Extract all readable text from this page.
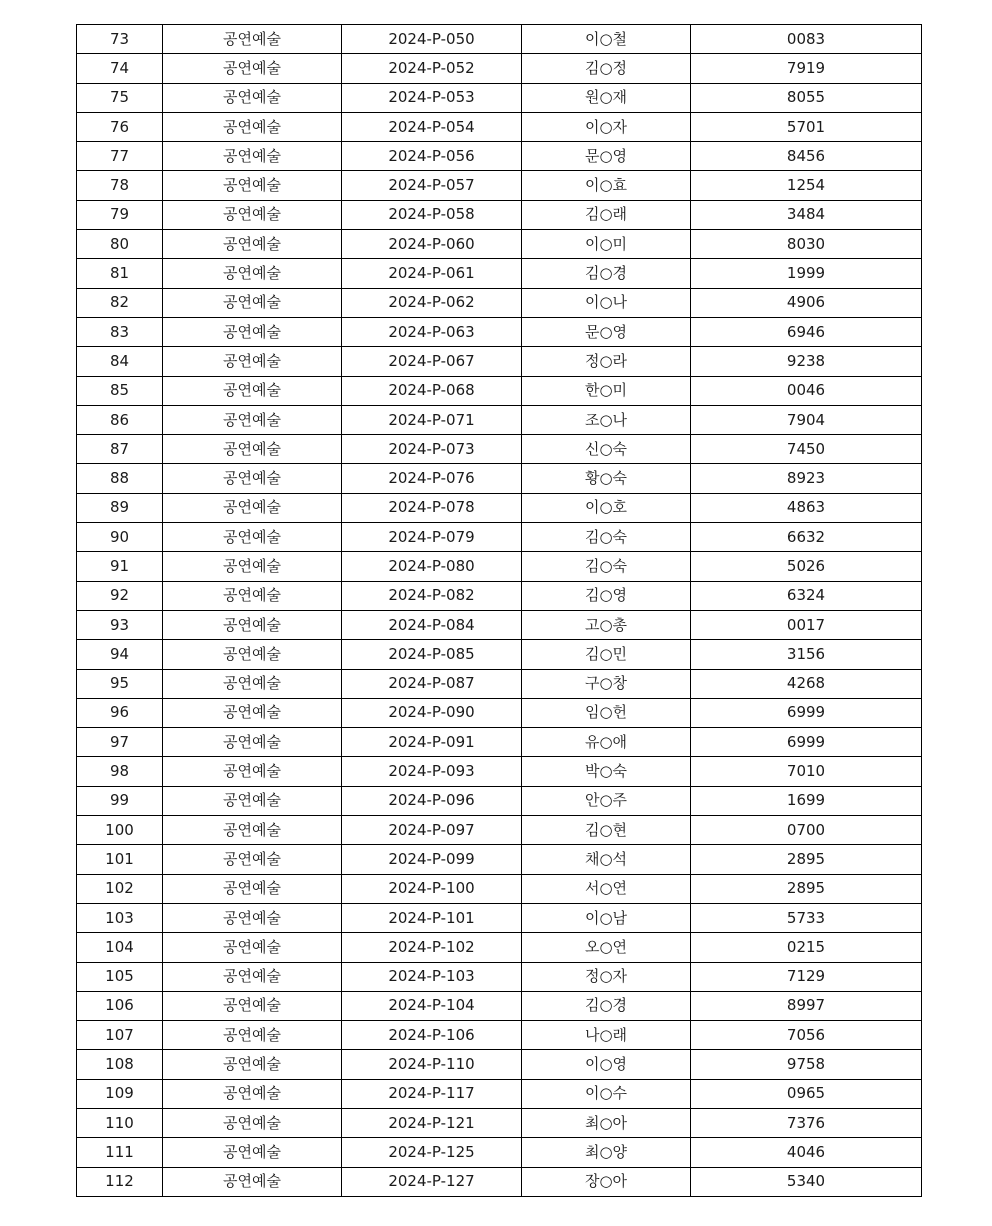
73	공연예술	2024-P-050	이○철	0083
74	공연예술	2024-P-052	김○정	7919
75	공연예술	2024-P-053	원○재	8055
76	공연예술	2024-P-054	이○자	5701
77	공연예술	2024-P-056	문○영	8456
78	공연예술	2024-P-057	이○효	1254
79	공연예술	2024-P-058	김○래	3484
80	공연예술	2024-P-060	이○미	8030
81	공연예술	2024-P-061	김○경	1999
82	공연예술	2024-P-062	이○나	4906
83	공연예술	2024-P-063	문○영	6946
84	공연예술	2024-P-067	정○라	9238
85	공연예술	2024-P-068	한○미	0046
86	공연예술	2024-P-071	조○나	7904
87	공연예술	2024-P-073	신○숙	7450
88	공연예술	2024-P-076	황○숙	8923
89	공연예술	2024-P-078	이○호	4863
90	공연예술	2024-P-079	김○숙	6632
91	공연예술	2024-P-080	김○숙	5026
92	공연예술	2024-P-082	김○영	6324
93	공연예술	2024-P-084	고○총	0017
94	공연예술	2024-P-085	김○민	3156
95	공연예술	2024-P-087	구○창	4268
96	공연예술	2024-P-090	임○헌	6999
97	공연예술	2024-P-091	유○애	6999
98	공연예술	2024-P-093	박○숙	7010
99	공연예술	2024-P-096	안○주	1699
100	공연예술	2024-P-097	김○현	0700
101	공연예술	2024-P-099	채○석	2895
102	공연예술	2024-P-100	서○연	2895
103	공연예술	2024-P-101	이○남	5733
104	공연예술	2024-P-102	오○연	0215
105	공연예술	2024-P-103	정○자	7129
106	공연예술	2024-P-104	김○경	8997
107	공연예술	2024-P-106	나○래	7056
108	공연예술	2024-P-110	이○영	9758
109	공연예술	2024-P-117	이○수	0965
110	공연예술	2024-P-121	최○아	7376
111	공연예술	2024-P-125	최○양	4046
112	공연예술	2024-P-127	장○아	5340
